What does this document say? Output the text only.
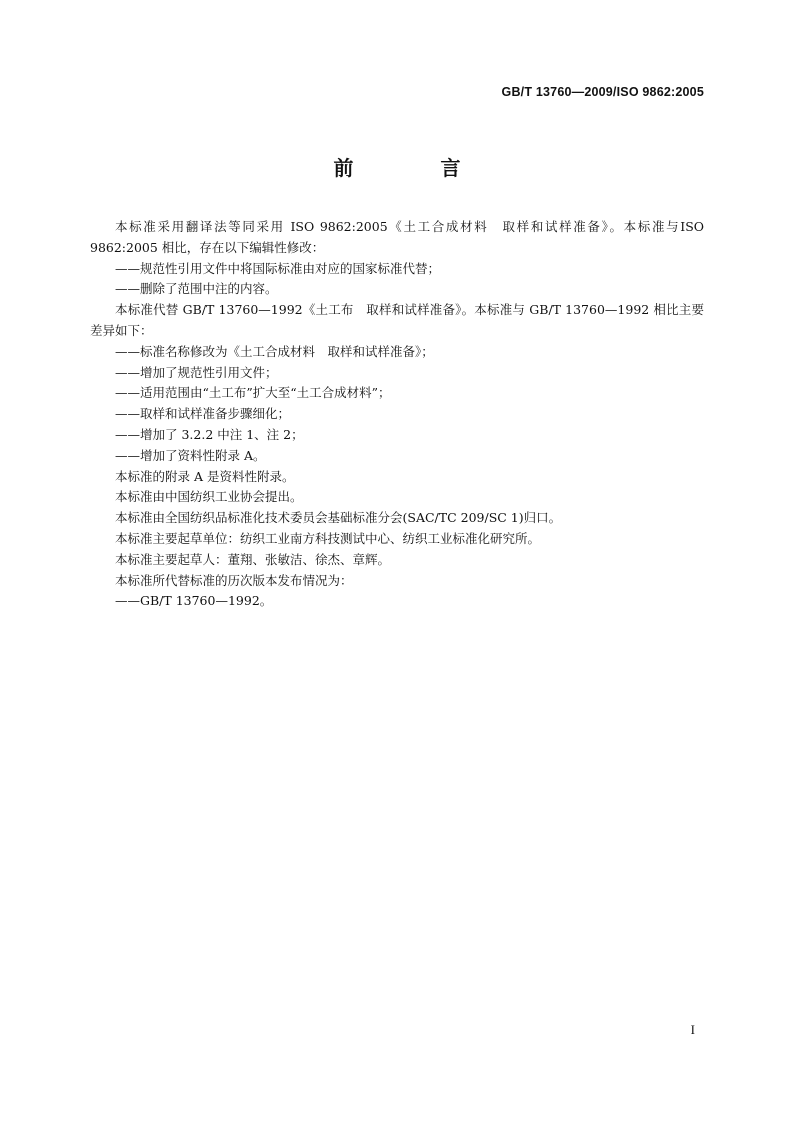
GB/T 13760—2009/ISO 9862:2005
前 言

本标准采用翻译法等同采用 ISO 9862:2005《土工合成材料　取样和试样准备》。本标准与ISO 9862:2005 相比，存在以下编辑性修改：

——规范性引用文件中将国际标准由对应的国家标准代替；

——删除了范围中注的内容。

本标准代替 GB/T 13760—1992《土工布　取样和试样准备》。本标准与 GB/T 13760—1992 相比主要差异如下：

——标准名称修改为《土工合成材料　取样和试样准备》；

——增加了规范性引用文件；

——适用范围由“土工布”扩大至“土工合成材料”；

——取样和试样准备步骤细化；

——增加了 3.2.2 中注 1、注 2；

——增加了资料性附录 A。

本标准的附录 A 是资料性附录。

本标准由中国纺织工业协会提出。

本标准由全国纺织品标准化技术委员会基础标准分会(SAC/TC 209/SC 1)归口。

本标准主要起草单位：纺织工业南方科技测试中心、纺织工业标准化研究所。

本标准主要起草人：董翔、张敏洁、徐杰、章辉。

本标准所代替标准的历次版本发布情况为：

——GB/T 13760—1992。

I
